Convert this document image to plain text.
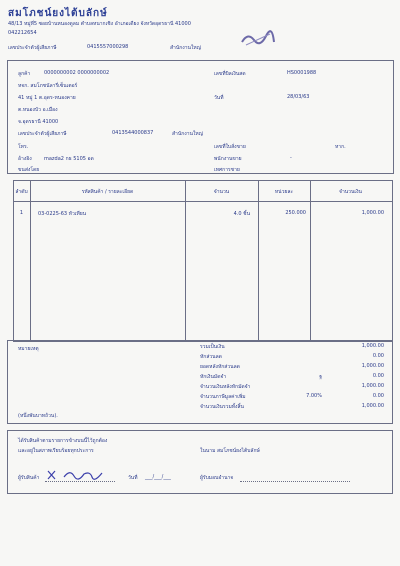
สมโภชน์ยงไต้บลักษ์
48/13 หมู่ที่5 ซอยบ้านหนองดูลม ตำบลหนากเชิง อำเภอเดียง จังหวัดอุดรธานี 41000
042212654
เลขประจำตัวผู้เสียภาษี	0415557000298	สำนักงานใหญ่
ลูกค้า	0000000002 0000000002
หจก. สมโภชนัลารี่เซ็นเตอร์
41 หมู่ 1 ต.อุดร-หนองคาย
ต.หนองบัว อ.เมือง
จ.อุดรธานี 41000
เลขประจำตัวผู้เสียภาษี	0413544000837	สำนักงานใหญ่
โทร.
อ้างอิง mazda2 กธ 5105 อด
ขนส่งโดย
เลขที่บิลเงินสด	HS0001988
วันที่	28/03/63
เลขที่ใบสั่งขาย	หาก.
พนักงานขาย	-
เทศการชาย
ลำดับ	รหัสสินค้า / รายละเอียด	จำนวน	หน่วยละ	จำนวนเงิน
1	03-0225-63 หัวเทียน	4.0 ชิ้น	250.000	1,000.00
หมายเหตุ
(หนึ่งพันบาทถ้วน).
รวมเป็นเงิน	1,000.00
หักส่วนลด	0.00
ยอดหลังหักส่วนลด	1,000.00
หักเงินมัดจำ	ฐ	0.00
จำนวนเงินหลังหักมัดจำ	1,000.00
จำนวนภาษีมูลค่าเพิ่ม	7.00%	0.00
จำนวนเงินรวมทั้งสิ้น	1,000.00
ได้รับสินค้าตามรายการข้างบนนี้ไว้ถูกต้อง
และอยู่ในสภาพเรียบร้อยทุกประการ	ในนาม สมโภชน์ยงไต้บลักษ์
ผู้รับสินค้า	วันที่ ___/___/___	ผู้รับมอบอำนาจ
